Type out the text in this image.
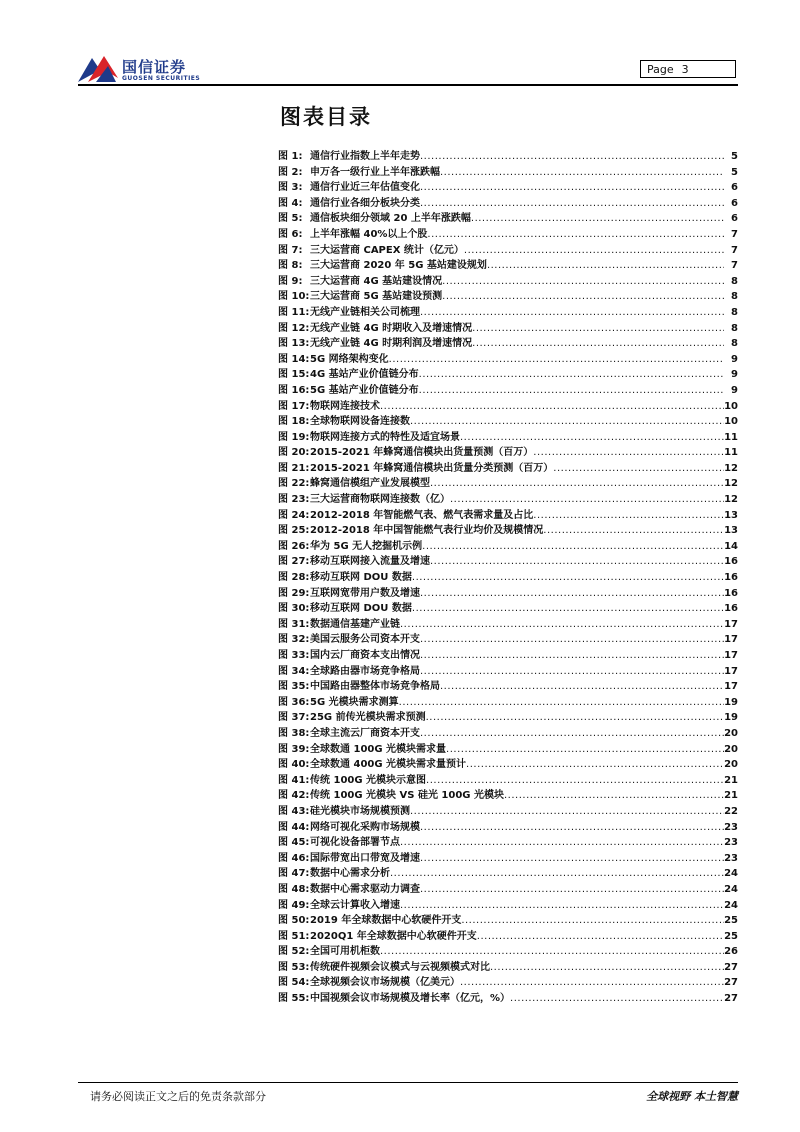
国信证券
GUOSEN SECURITIES
Page 3
图表目录
图 1: 通信行业指数上半年走势 .....	5
图 2: 申万各一级行业上半年涨跌幅 .....	5
图 3: 通信行业近三年估值变化 .....	6
图 4: 通信行业各细分板块分类 .....	6
图 5: 通信板块细分领域 20 上半年涨跌幅 .....	6
图 6: 上半年涨幅 40%以上个股 .....	7
图 7: 三大运营商 CAPEX 统计（亿元） .....	7
图 8: 三大运营商 2020 年 5G 基站建设规划 .....	7
图 9: 三大运营商 4G 基站建设情况 .....	8
图 10: 三大运营商 5G 基站建设预测 .....	8
图 11: 无线产业链相关公司梳理 .....	8
图 12: 无线产业链 4G 时期收入及增速情况 .....	8
图 13: 无线产业链 4G 时期利润及增速情况 .....	8
图 14: 5G 网络架构变化 .....	9
图 15: 4G 基站产业价值链分布 .....	9
图 16: 5G 基站产业价值链分布 .....	9
图 17: 物联网连接技术 .....	10
图 18: 全球物联网设备连接数 .....	10
图 19: 物联网连接方式的特性及适宜场景 .....	11
图 20: 2015-2021 年蜂窝通信模块出货量预测（百万） .....	11
图 21: 2015-2021 年蜂窝通信模块出货量分类预测（百万） .....	12
图 22: 蜂窝通信模组产业发展模型 .....	12
图 23: 三大运营商物联网连接数（亿） .....	12
图 24: 2012-2018 年智能燃气表、燃气表需求量及占比 .....	13
图 25: 2012-2018 年中国智能燃气表行业均价及规模情况 .....	13
图 26: 华为 5G 无人挖掘机示例 .....	14
图 27: 移动互联网接入流量及增速 .....	16
图 28: 移动互联网 DOU 数据 .....	16
图 29: 互联网宽带用户数及增速 .....	16
图 30: 移动互联网 DOU 数据 .....	16
图 31: 数据通信基建产业链 .....	17
图 32: 美国云服务公司资本开支 .....	17
图 33: 国内云厂商资本支出情况 .....	17
图 34: 全球路由器市场竞争格局 .....	17
图 35: 中国路由器整体市场竞争格局 .....	17
图 36: 5G 光模块需求测算 .....	19
图 37: 25G 前传光模块需求预测 .....	19
图 38: 全球主流云厂商资本开支 .....	20
图 39: 全球数通 100G 光模块需求量 .....	20
图 40: 全球数通 400G 光模块需求量预计 .....	20
图 41: 传统 100G 光模块示意图 .....	21
图 42: 传统 100G 光模块 VS 硅光 100G 光模块 .....	21
图 43: 硅光模块市场规模预测 .....	22
图 44: 网络可视化采购市场规模 .....	23
图 45: 可视化设备部署节点 .....	23
图 46: 国际带宽出口带宽及增速 .....	23
图 47: 数据中心需求分析 .....	24
图 48: 数据中心需求驱动力调查 .....	24
图 49: 全球云计算收入增速 .....	24
图 50: 2019 年全球数据中心软硬件开支 .....	25
图 51: 2020Q1 年全球数据中心软硬件开支 .....	25
图 52: 全国可用机柜数 .....	26
图 53: 传统硬件视频会议模式与云视频模式对比 .....	27
图 54: 全球视频会议市场规模（亿美元） .....	27
图 55: 中国视频会议市场规模及增长率（亿元，%） .....	27
请务必阅读正文之后的免责条款部分	全球视野 本土智慧
